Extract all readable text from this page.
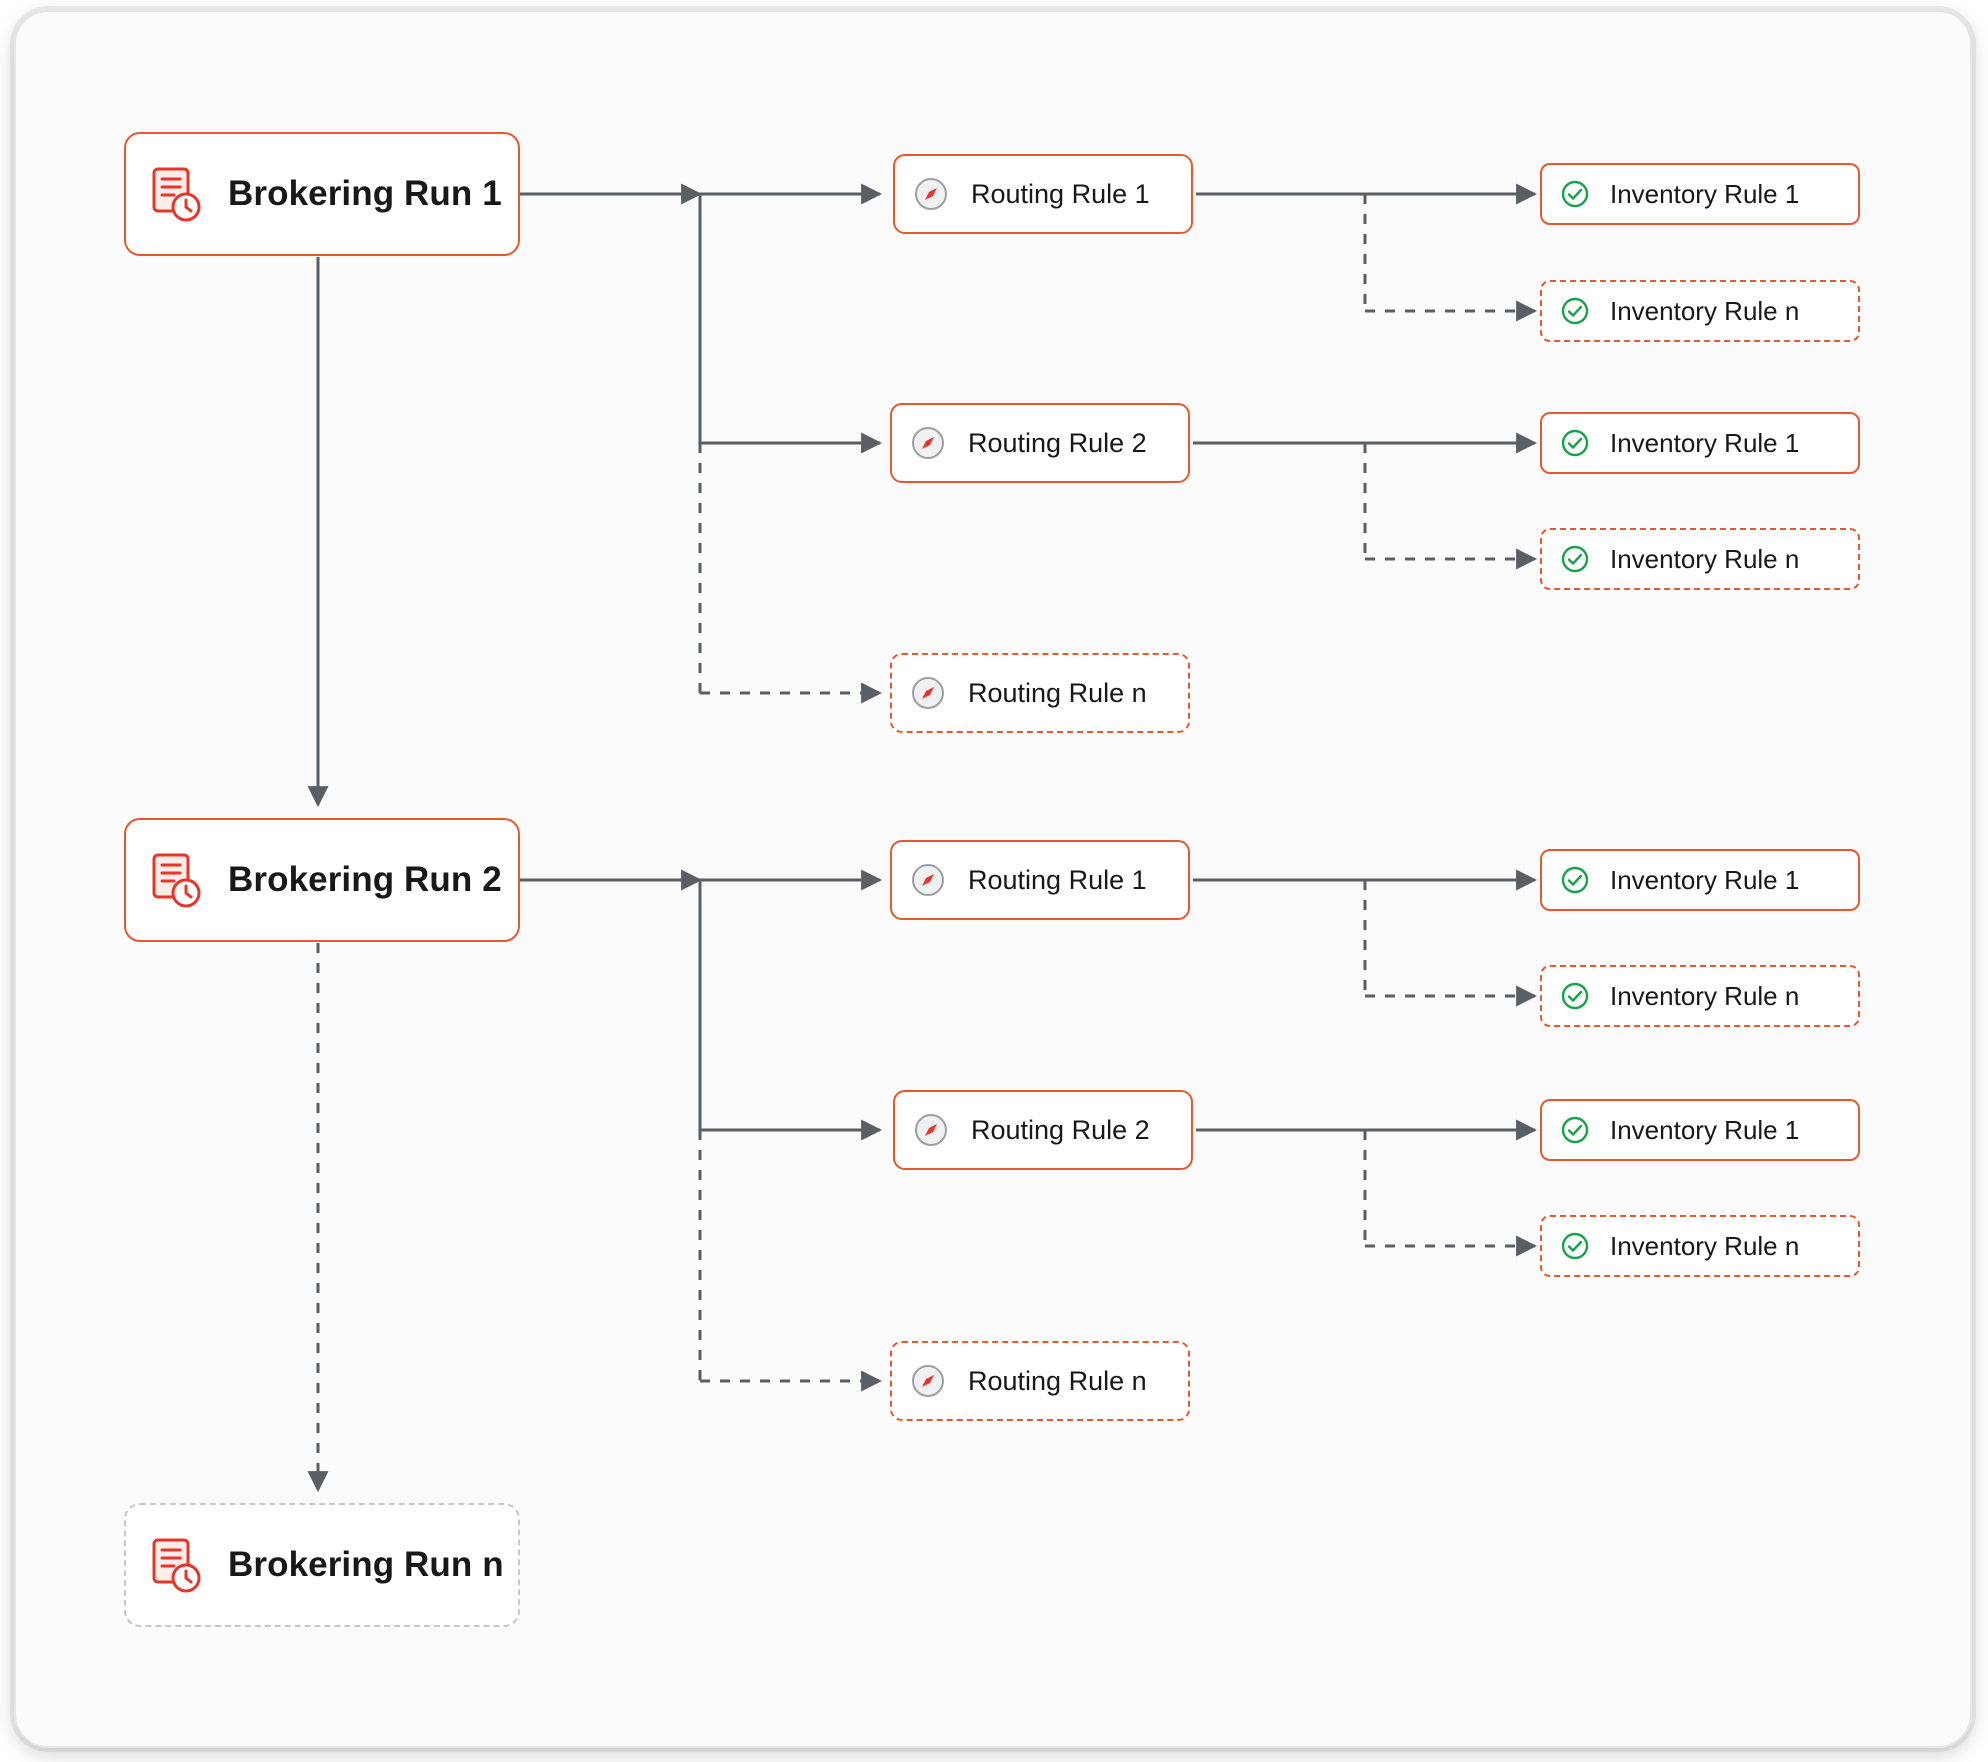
Brokering Run 1
Brokering Run 2
Brokering Run n
Routing Rule 1
Routing Rule 2
Routing Rule n
Inventory Rule 1
Inventory Rule n
Inventory Rule 1
Inventory Rule n
Routing Rule 1
Routing Rule 2
Routing Rule n
Inventory Rule 1
Inventory Rule n
Inventory Rule 1
Inventory Rule n
